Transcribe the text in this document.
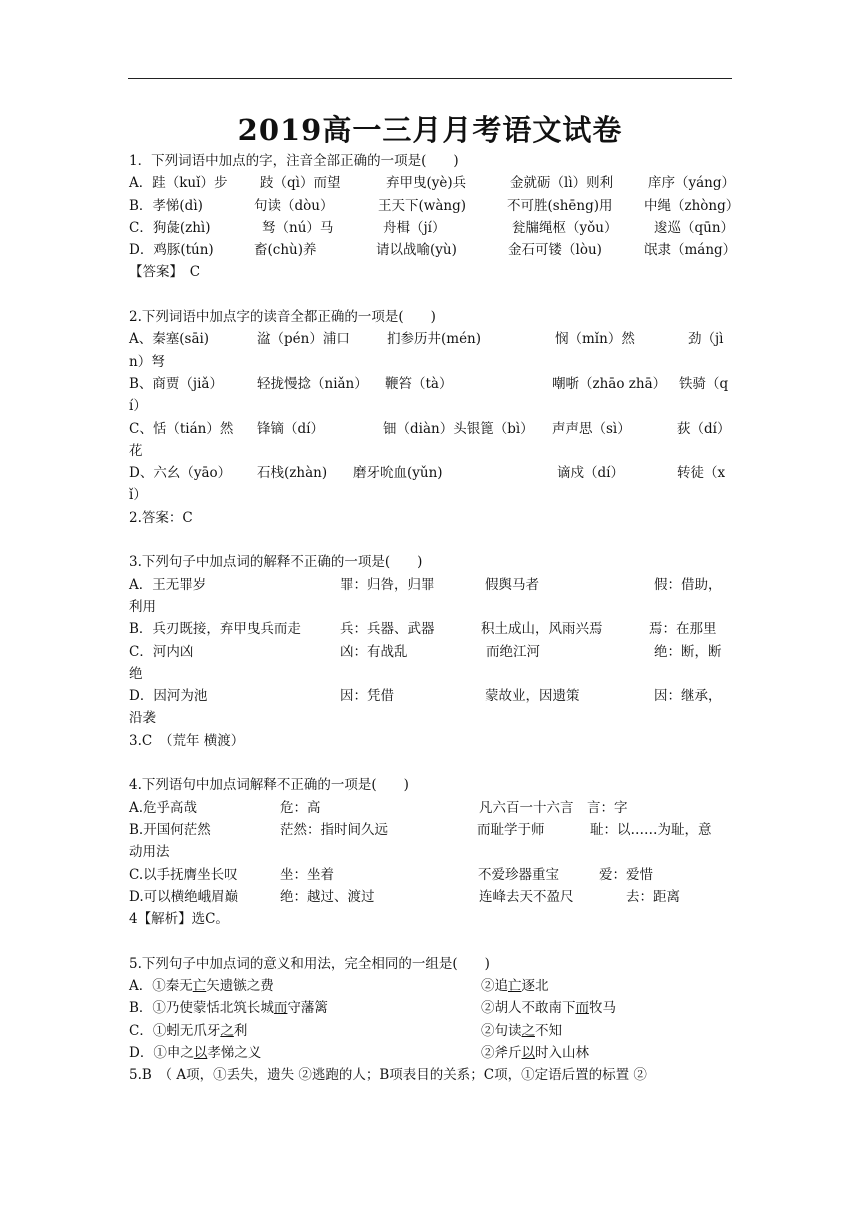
2019高一三月月考语文试卷
1．下列词语中加点的字，注音全部正确的一项是(　　)
A．跬（kuǐ）步 跂（qì）而望	弃甲曳(yè)兵	金就砺（lì）则利	庠序（yáng）
B．孝悌(dì)	句读（dòu）	王天下(wàng)	不可胜(shēng)用 中绳（zhòng）
C．狗彘(zhì)	驽（nú）马	舟楫（jí）	瓮牖绳枢（yǒu）	逡巡（qūn）
D．鸡豚(tún)	畜(chù)养	请以战喻(yù)	金石可镂（lòu)	氓隶（máng）
【答案】　C
2.下列词语中加点字的读音全都正确的一项是(　　)
A、秦塞(sāi)	湓（pén）浦口	扪参历井(mén)	悯（mǐn）然	劲（jì
n）弩
B、商贾（jiǎ）	轻拢慢捻（niǎn） 鞭笞（tà）	嘲哳（zhāo zhā） 铁骑（q
í）
C、恬（tián）然 锋镝（dí）	钿（diàn）头银篦（bì） 声声思（sì）	荻（dí）
花
D、六幺（yāo） 石栈(zhàn) 磨牙吮血(yǔn)	谪戍（dí）	转徒（x
ǐ）
2.答案：C
3.下列句子中加点词的解释不正确的一项是(　　)
A．王无罪岁	罪：归咎，归罪	假舆马者	假：借助，
利用
B．兵刃既接，弃甲曳兵而走	兵：兵器、武器	积土成山，风雨兴焉	焉：在那里
C．河内凶	凶：有战乱	而绝江河	绝：断，断
绝
D．因河为池	因：凭借	蒙故业，因遗策	因：继承，
沿袭
3.C　（荒年 横渡）
4.下列语句中加点词解释不正确的一项是(　　)
A.危乎高哉	危：高	凡六百一十六言　言：字
B.开国何茫然	茫然：指时间久远	而耻学于师	耻：以……为耻，意
动用法
C.以手抚膺坐长叹	坐：坐着	不爱珍器重宝	爱：爱惜
D.可以横绝峨眉巅	绝：越过、渡过	连峰去天不盈尺	去：距离
4【解析】选C。
5.下列句子中加点词的意义和用法，完全相同的一组是(　　)
A．①秦无亡矢遗镞之费	②追亡逐北
B．①乃使蒙恬北筑长城而守藩篱	②胡人不敢南下而牧马
C．①蚓无爪牙之利	②句读之不知
D．①申之以孝悌之义	②斧斤以时入山林
5.B　（ A项，①丢失，遗失 ②逃跑的人；B项表目的关系；C项，①定语后置的标置 ②
